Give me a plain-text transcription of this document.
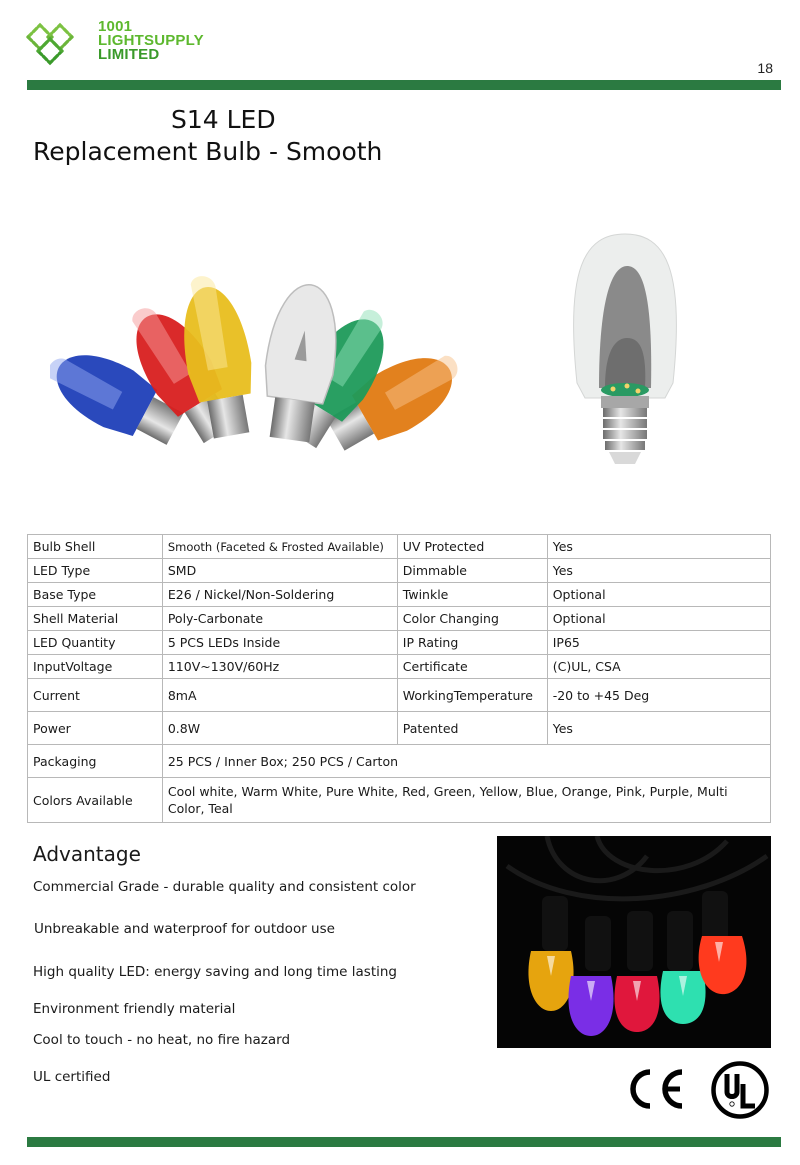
1001
LIGHTSUPPLY
LIMITED
18
S14 LED
Replacement Bulb - Smooth
Bulb Shell	Smooth (Faceted & Frosted Available)	UV Protected	Yes
LED Type	SMD	Dimmable	Yes
Base Type	E26 / Nickel/Non-Soldering	Twinkle	Optional
Shell Material	Poly-Carbonate	Color Changing	Optional
LED Quantity	5 PCS LEDs Inside	IP Rating	IP65
InputVoltage	110V~130V/60Hz	Certificate	(C)UL, CSA
Current	8mA	WorkingTemperature	-20 to +45 Deg
Power	0.8W	Patented	Yes
Packaging	25 PCS / Inner Box; 250 PCS / Carton		
Colors Available	Cool white, Warm White, Pure White, Red, Green, Yellow, Blue, Orange, Pink, Purple, Multi Color, Teal		
Advantage
Commercial Grade - durable quality and consistent color
Unbreakable and waterproof for outdoor use
High quality LED: energy saving and long time lasting
Environment friendly material
Cool to touch - no heat, no fire hazard
UL certified
